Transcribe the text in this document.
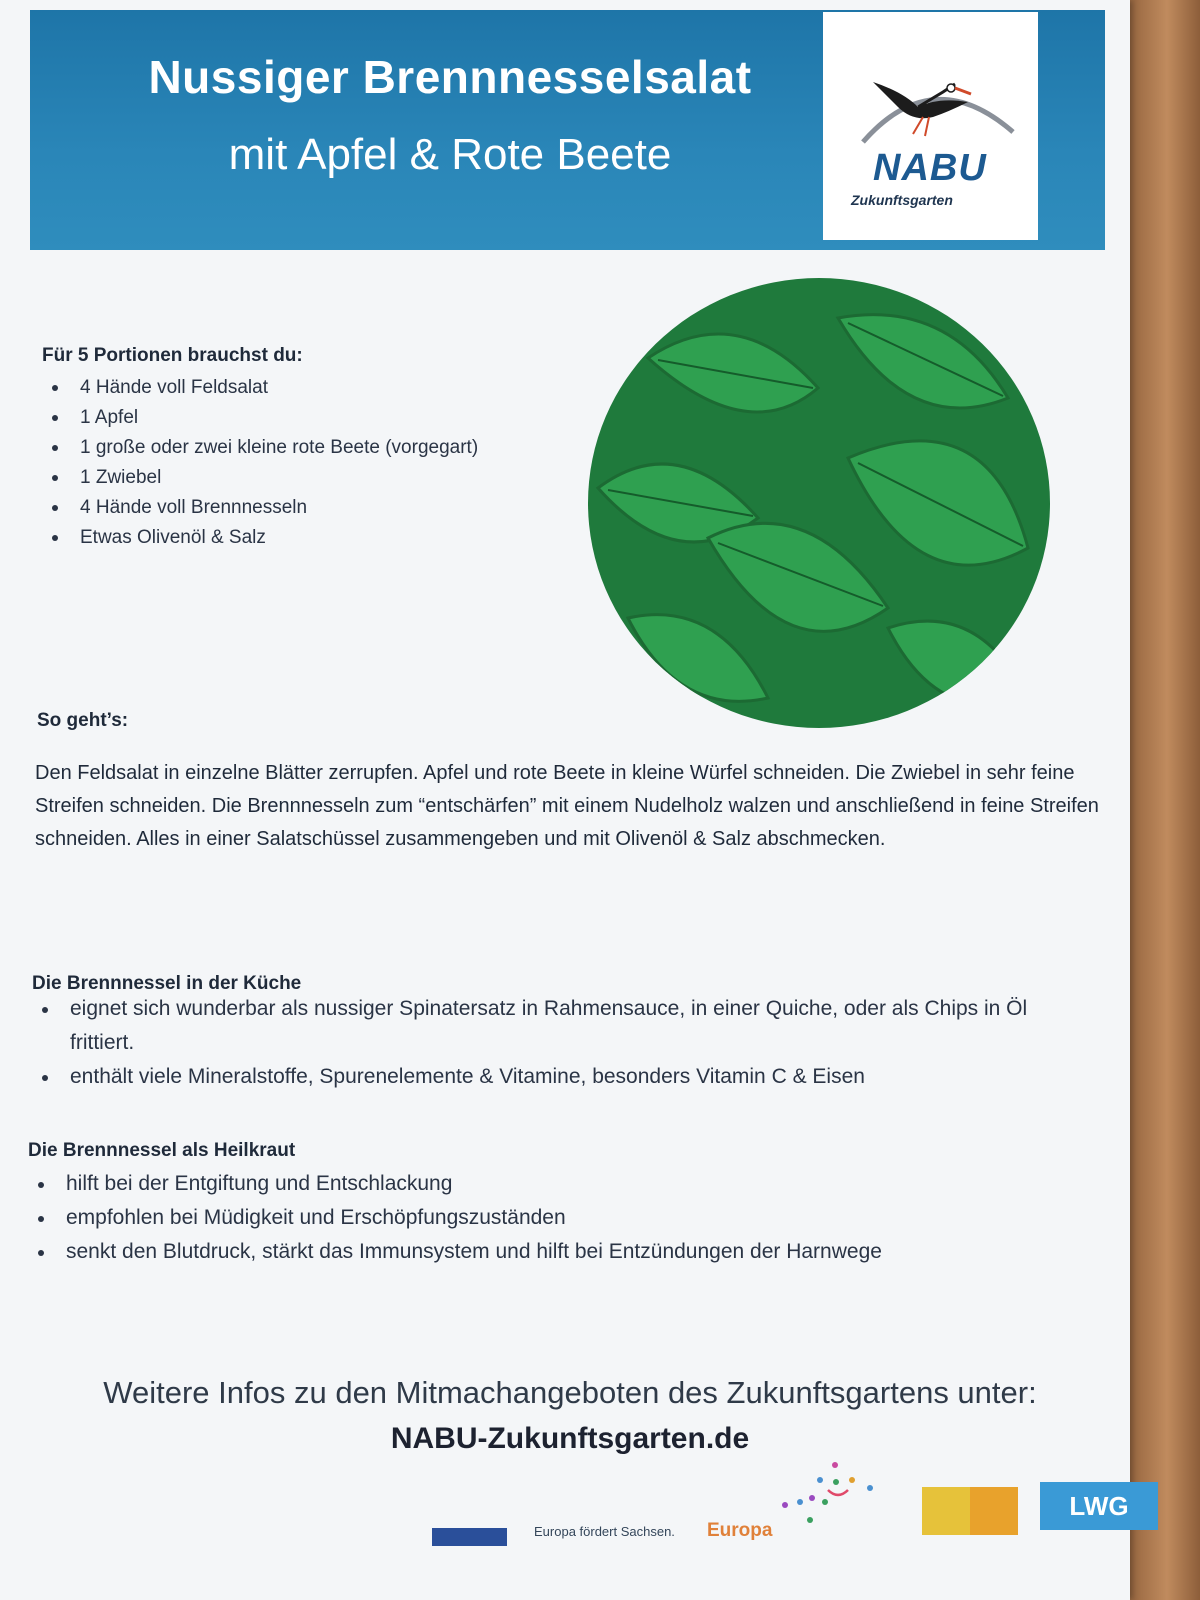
Nussiger Brennnesselsalat
mit Apfel & Rote Beete	NABU
Zukunftsgarten
Für 5 Portionen brauchst du:
4 Hände voll Feldsalat
1 Apfel
1 große oder zwei kleine rote Beete (vorgegart)
1 Zwiebel
4 Hände voll Brennnesseln
Etwas Olivenöl & Salz
So geht’s:
Den Feldsalat in einzelne Blätter zerrupfen. Apfel und rote Beete in kleine Würfel schneiden. Die Zwiebel in sehr feine Streifen schneiden. Die Brennnesseln zum “entschärfen” mit einem Nudelholz walzen und anschließend in feine Streifen schneiden. Alles in einer Salatschüssel zusammengeben und mit Olivenöl & Salz abschmecken.
Die Brennnessel in der Küche
eignet sich wunderbar als nussiger Spinatersatz in Rahmensauce, in einer Quiche, oder als Chips in Öl frittiert.
enthält viele Mineralstoffe, Spurenelemente & Vitamine, besonders Vitamin C & Eisen
Die Brennnessel als Heilkraut
hilft bei der Entgiftung und Entschlackung
empfohlen bei Müdigkeit und Erschöpfungszuständen
senkt den Blutdruck, stärkt das Immunsystem und hilft bei Entzündungen der Harnwege
Weitere Infos zu den Mitmachangeboten des Zukunftsgartens unter:
NABU-Zukunftsgarten.de
Europa fördert Sachsen. Europa
LWG
